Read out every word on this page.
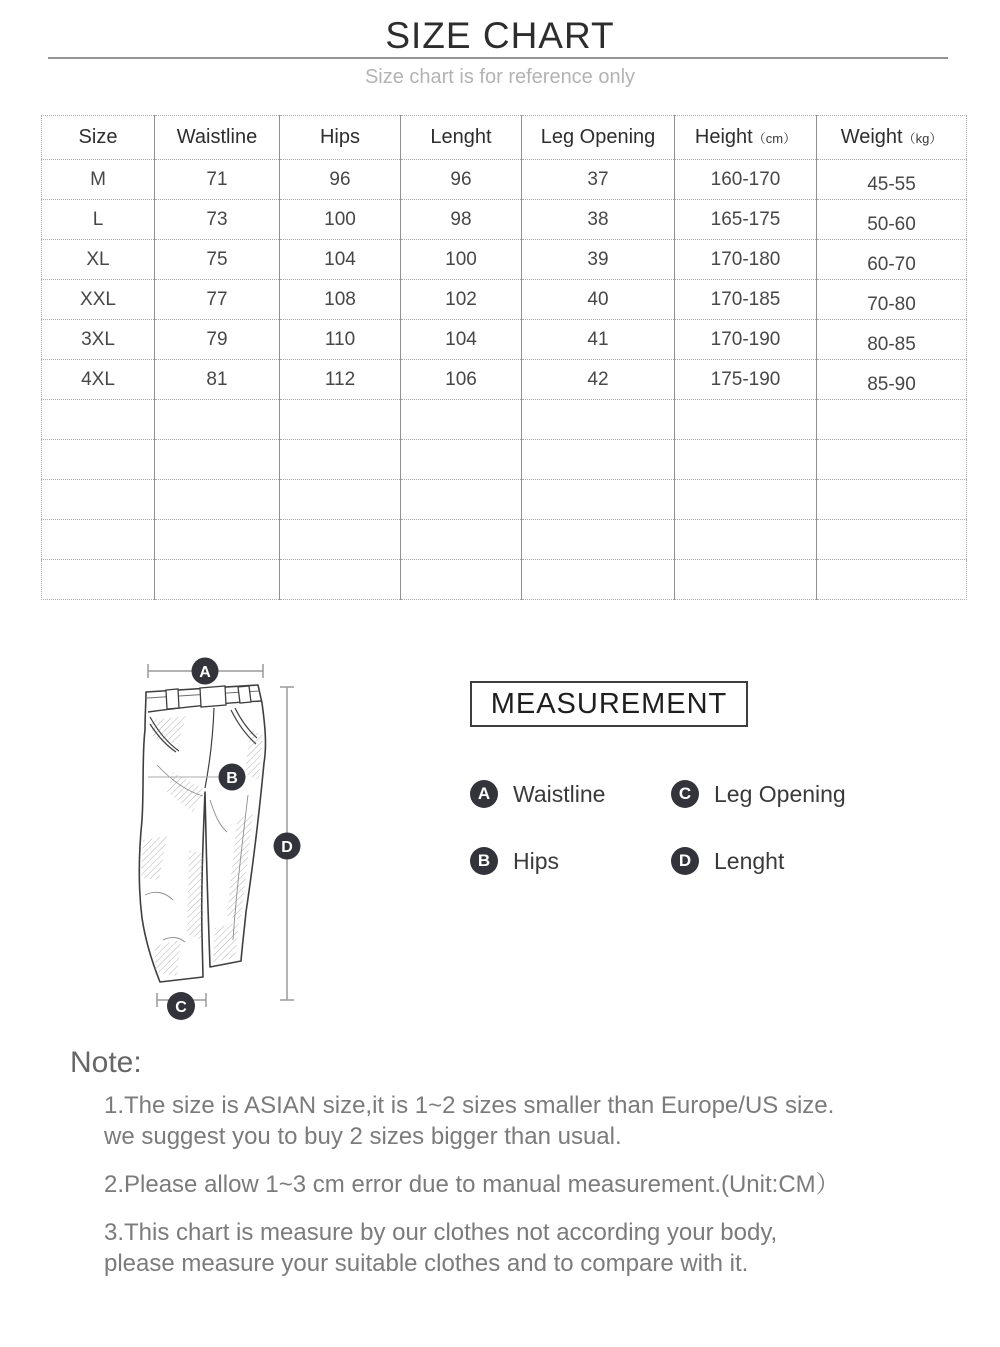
SIZE CHART

Size chart is for reference only

Size	Waistline	Hips	Lenght	Leg Opening	Height（cm）	Weight（kg）
M	71	96	96	37	160-170	45-55
L	73	100	98	38	165-175	50-60
XL	75	104	100	39	170-180	60-70
XXL	77	108	102	40	170-185	70-80
3XL	79	110	104	41	170-190	80-85
4XL	81	112	106	42	175-190	85-90

A
B
D
C
MEASUREMENT
A Waistline
B Hips
C Leg Opening
D Lenght
Note:
1.The size is ASIAN size,it is 1~2 sizes smaller than Europe/US size.
we suggest you to buy 2 sizes bigger than usual.
2.Please allow 1~3 cm error due to manual measurement.(Unit:CM）
3.This chart is measure by our clothes not according your body,
please measure your suitable clothes and to compare with it.
